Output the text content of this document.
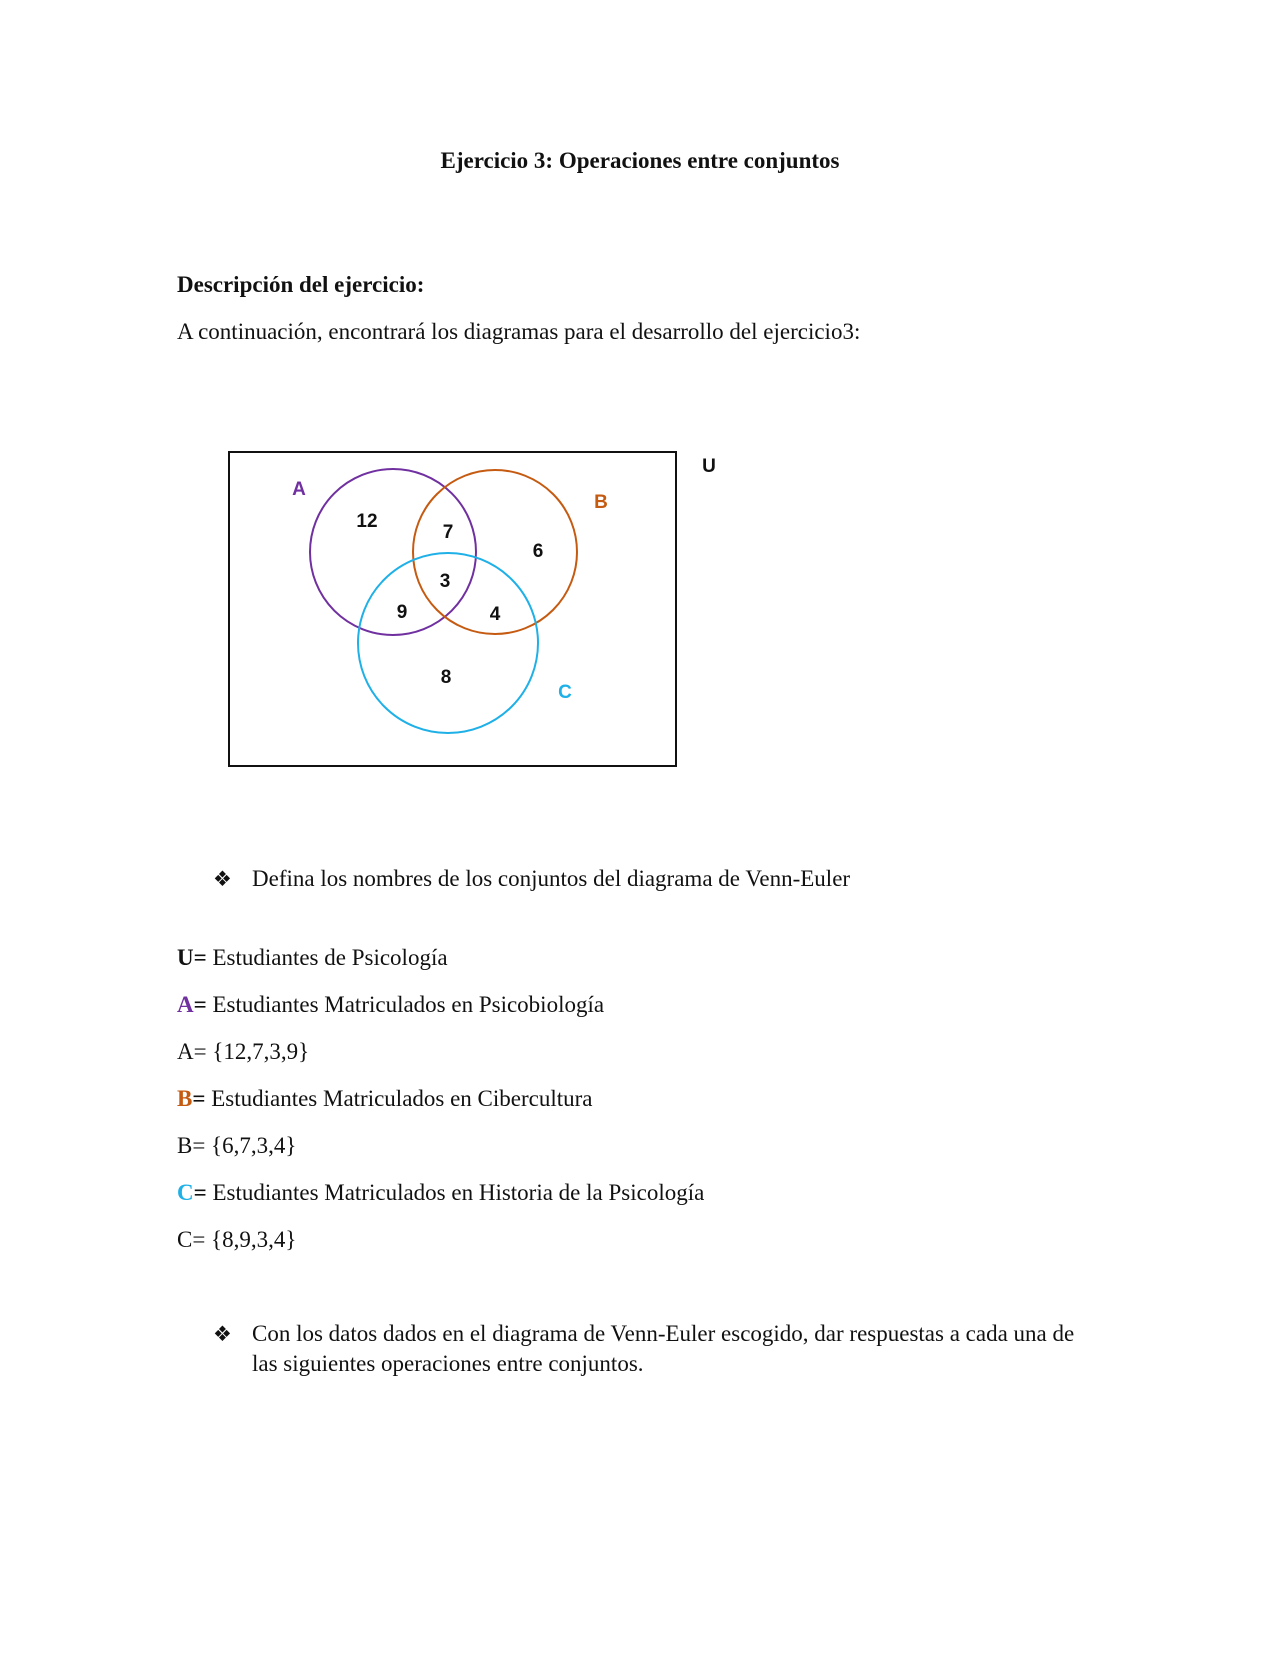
Ejercicio 3: Operaciones entre conjuntos
Descripción del ejercicio:

A continuación, encontrará los diagramas para el desarrollo del ejercicio3:

U
A
B
C
12
7
6
3
9	4
8
❖ Defina los nombres de los conjuntos del diagrama de Venn-Euler

U= Estudiantes de Psicología

A= Estudiantes Matriculados en Psicobiología

A= {12,7,3,9}

B= Estudiantes Matriculados en Cibercultura

B= {6,7,3,4}

C= Estudiantes Matriculados en Historia de la Psicología

C= {8,9,3,4}

❖ Con los datos dados en el diagrama de Venn-Euler escogido, dar respuestas a cada una de las siguientes operaciones entre conjuntos.
